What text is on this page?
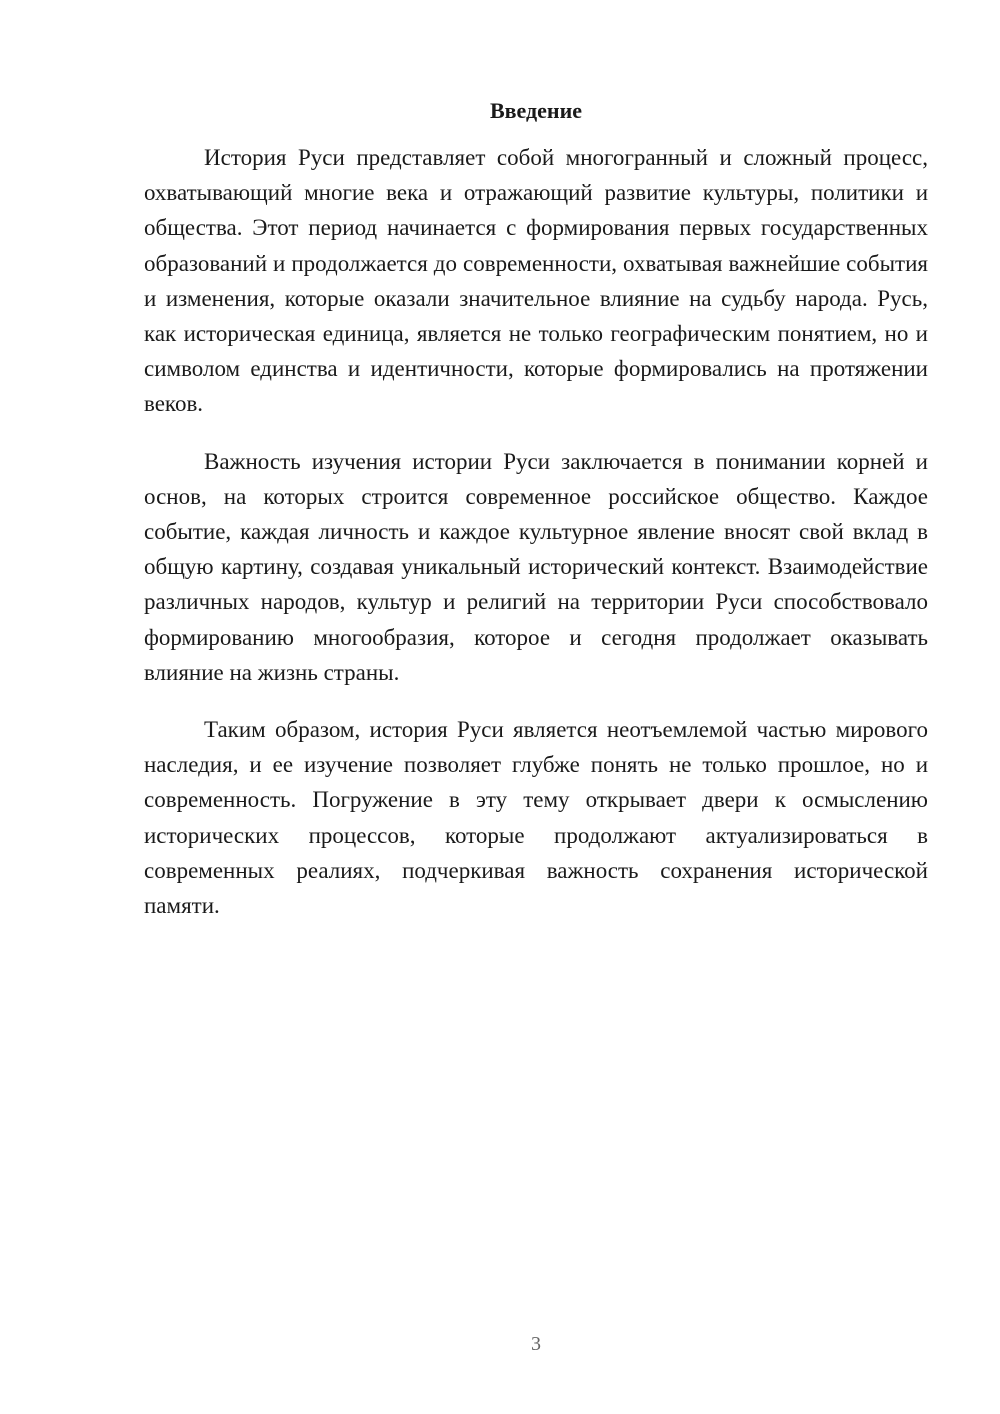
Введение

История Руси представляет собой многогранный и сложный процесс, охватывающий многие века и отражающий развитие культуры, политики и общества. Этот период начинается с формирования первых государственных образований и продолжается до современности, охватывая важнейшие события и изменения, которые оказали значительное влияние на судьбу народа. Русь, как историческая единица, является не только географическим понятием, но и символом единства и идентичности, которые формировались на протяжении веков.

Важность изучения истории Руси заключается в понимании корней и основ, на которых строится современное российское общество. Каждое событие, каждая личность и каждое культурное явление вносят свой вклад в общую картину, создавая уникальный исторический контекст. Взаимодействие различных народов, культур и религий на территории Руси способствовало формированию многообразия, которое и сегодня продолжает оказывать влияние на жизнь страны.

Таким образом, история Руси является неотъемлемой частью мирового наследия, и ее изучение позволяет глубже понять не только прошлое, но и современность. Погружение в эту тему открывает двери к осмыслению исторических процессов, которые продолжают актуализироваться в современных реалиях, подчеркивая важность сохранения исторической памяти.

3
